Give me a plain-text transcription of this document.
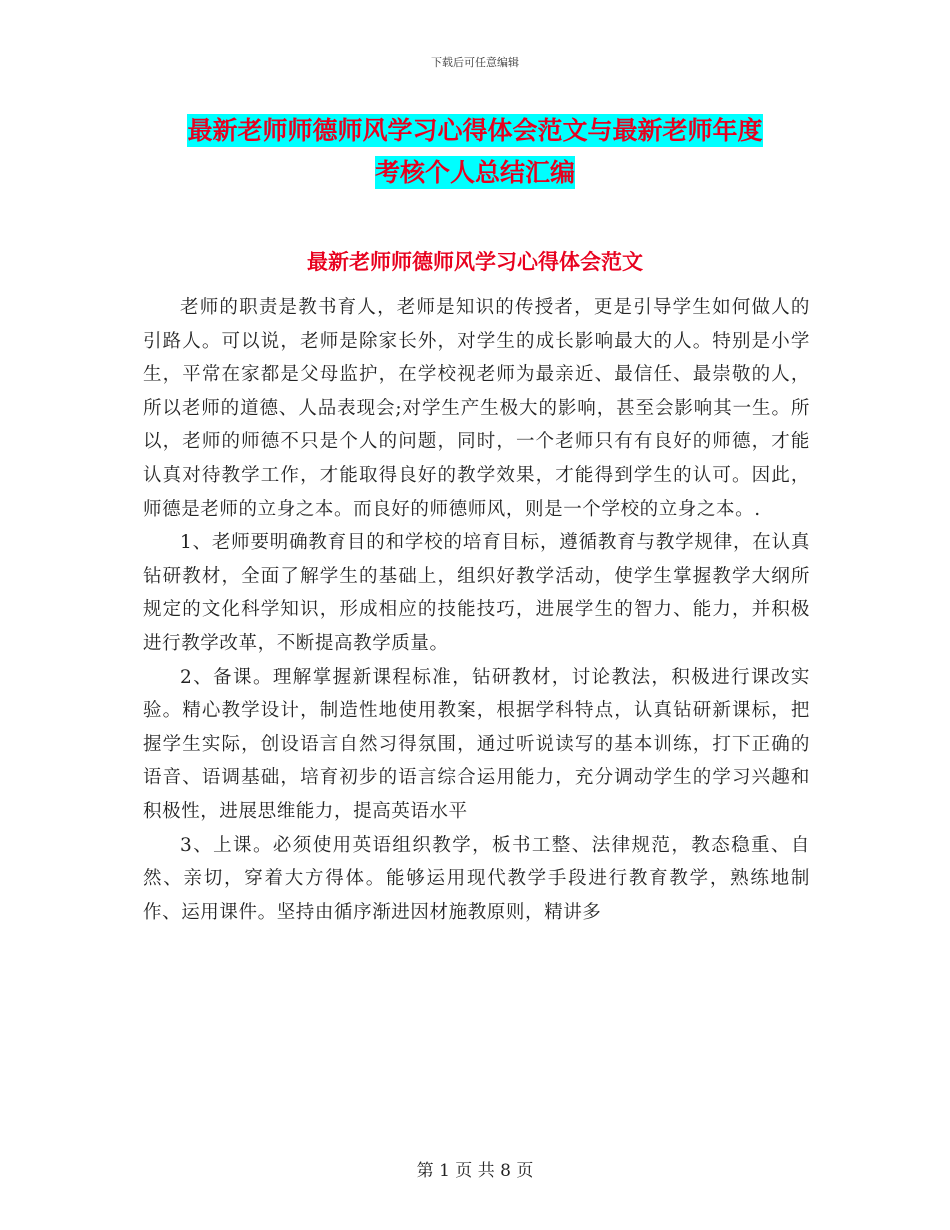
下载后可任意编辑
最新老师师德师风学习心得体会范文与最新老师年度
考核个人总结汇编
最新老师师德师风学习心得体会范文

老师的职责是教书育人，老师是知识的传授者，更是引导学生如何做人的引路人。可以说，老师是除家长外，对学生的成长影响最大的人。特别是小学生，平常在家都是父母监护，在学校视老师为最亲近、最信任、最崇敬的人，所以老师的道德、人品表现会;对学生产生极大的影响，甚至会影响其一生。所以，老师的师德不只是个人的问题，同时，一个老师只有有良好的师德，才能认真对待教学工作，才能取得良好的教学效果，才能得到学生的认可。因此，师德是老师的立身之本。而良好的师德师风，则是一个学校的立身之本。.

1、老师要明确教育目的和学校的培育目标，遵循教育与教学规律，在认真钻研教材，全面了解学生的基础上，组织好教学活动，使学生掌握教学大纲所规定的文化科学知识，形成相应的技能技巧，进展学生的智力、能力，并积极进行教学改革，不断提高教学质量。

2、备课。理解掌握新课程标准，钻研教材，讨论教法，积极进行课改实验。精心教学设计，制造性地使用教案，根据学科特点，认真钻研新课标，把握学生实际，创设语言自然习得氛围，通过听说读写的基本训练，打下正确的语音、语调基础，培育初步的语言综合运用能力，充分调动学生的学习兴趣和积极性，进展思维能力，提高英语水平

3、上课。必须使用英语组织教学，板书工整、法律规范，教态稳重、自然、亲切，穿着大方得体。能够运用现代教学手段进行教育教学，熟练地制作、运用课件。坚持由循序渐进因材施教原则，精讲多

第 1 页 共 8 页
